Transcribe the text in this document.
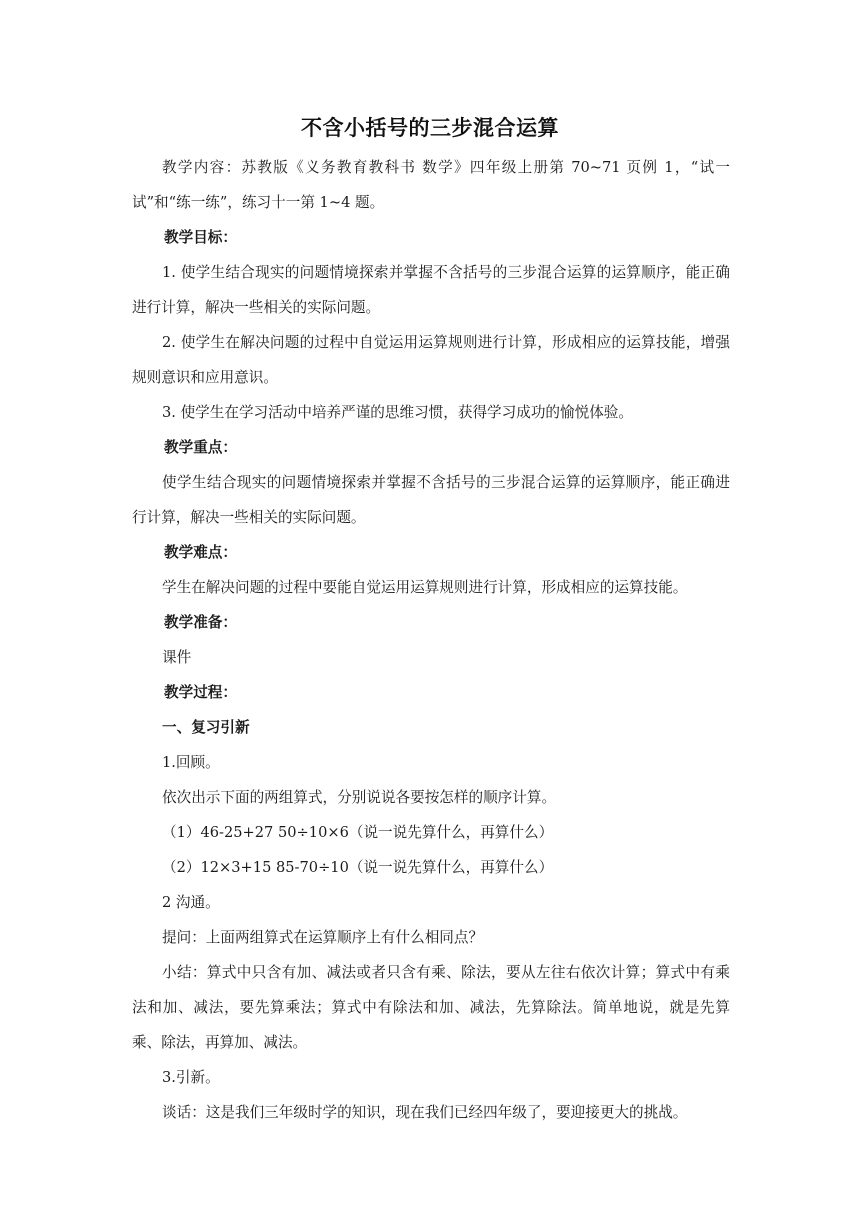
不含小括号的三步混合运算

教学内容：苏教版《义务教育教科书 数学》四年级上册第 70~71 页例 1，“试一试”和“练一练”，练习十一第 1~4 题。

教学目标：

1. 使学生结合现实的问题情境探索并掌握不含括号的三步混合运算的运算顺序，能正确进行计算，解决一些相关的实际问题。

2. 使学生在解决问题的过程中自觉运用运算规则进行计算，形成相应的运算技能，增强规则意识和应用意识。

3. 使学生在学习活动中培养严谨的思维习惯，获得学习成功的愉悦体验。

教学重点：

使学生结合现实的问题情境探索并掌握不含括号的三步混合运算的运算顺序，能正确进行计算，解决一些相关的实际问题。

教学难点：

学生在解决问题的过程中要能自觉运用运算规则进行计算，形成相应的运算技能。

教学准备：

课件

教学过程：

一、复习引新

1.回顾。

依次出示下面的两组算式，分别说说各要按怎样的顺序计算。

（1）46-25+27 50÷10×6（说一说先算什么，再算什么）

（2）12×3+15 85-70÷10（说一说先算什么，再算什么）

2 沟通。

提问：上面两组算式在运算顺序上有什么相同点？

小结：算式中只含有加、减法或者只含有乘、除法，要从左往右依次计算；算式中有乘法和加、减法，要先算乘法；算式中有除法和加、减法，先算除法。简单地说，就是先算乘、除法，再算加、减法。

3.引新。

谈话：这是我们三年级时学的知识，现在我们已经四年级了，要迎接更大的挑战。
